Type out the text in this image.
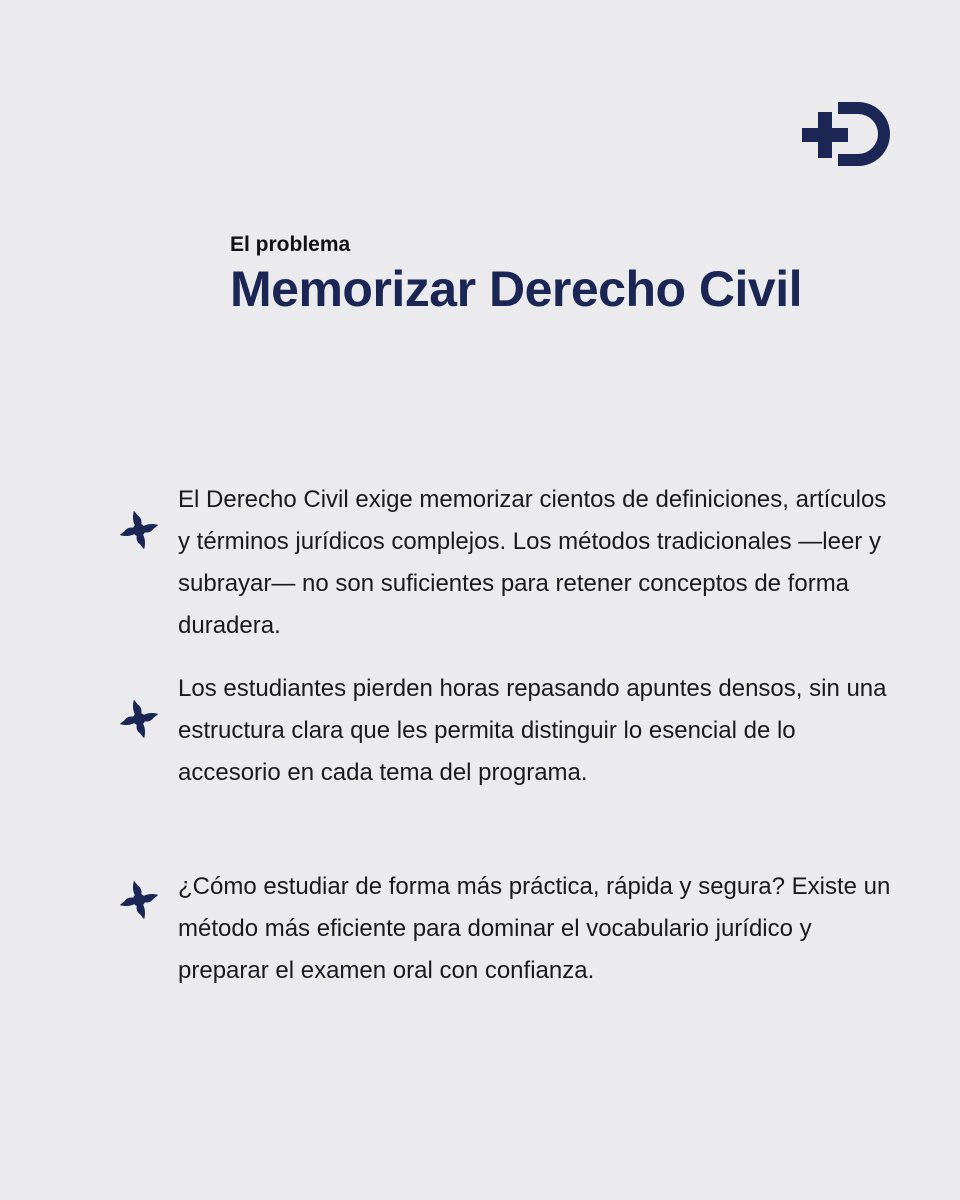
El problema

Memorizar Derecho Civil

El Derecho Civil exige memorizar cientos de definiciones, artículos y términos jurídicos complejos. Los métodos tradicionales —leer y subrayar— no son suficientes para retener conceptos de forma duradera.

Los estudiantes pierden horas repasando apuntes densos, sin una estructura clara que les permita distinguir lo esencial de lo accesorio en cada tema del programa.

¿Cómo estudiar de forma más práctica, rápida y segura? Existe un método más eficiente para dominar el vocabulario jurídico y preparar el examen oral con confianza.
